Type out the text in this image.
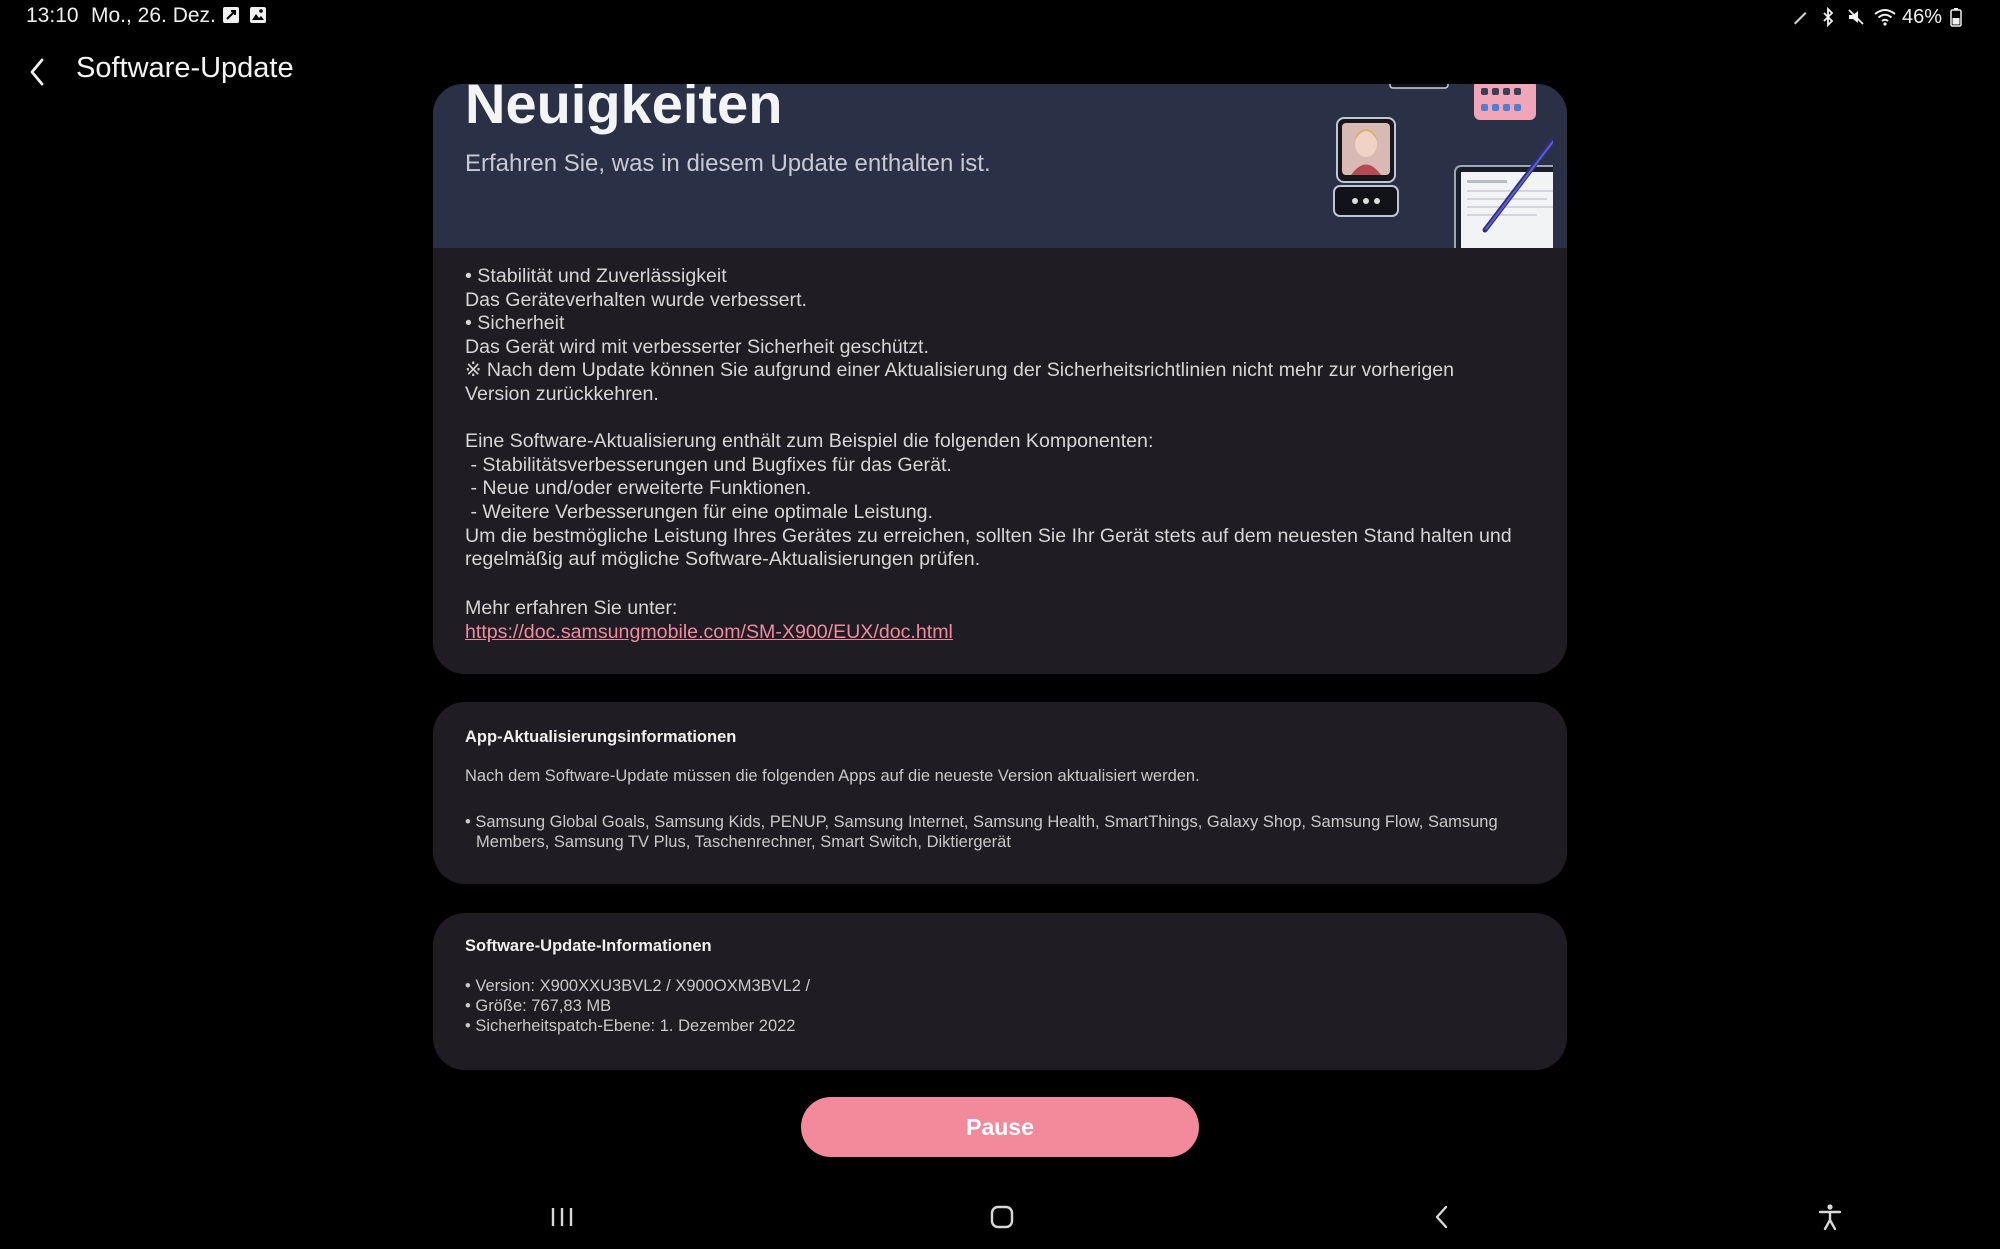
13:10 Mo., 26. Dez.	46%
Software-Update
Neuigkeiten
Erfahren Sie, was in diesem Update enthalten ist.
• Stabilität und Zuverlässigkeit
Das Geräteverhalten wurde verbessert.
• Sicherheit
Das Gerät wird mit verbesserter Sicherheit geschützt.
※ Nach dem Update können Sie aufgrund einer Aktualisierung der Sicherheitsrichtlinien nicht mehr zur vorherigen
Version zurückkehren.

Eine Software-Aktualisierung enthält zum Beispiel die folgenden Komponenten:
- Stabilitätsverbesserungen und Bugfixes für das Gerät.
- Neue und/oder erweiterte Funktionen.
- Weitere Verbesserungen für eine optimale Leistung.
Um die bestmögliche Leistung Ihres Gerätes zu erreichen, sollten Sie Ihr Gerät stets auf dem neuesten Stand halten und
regelmäßig auf mögliche Software-Aktualisierungen prüfen.
Mehr erfahren Sie unter:
https://doc.samsungmobile.com/SM-X900/EUX/doc.html
App-Aktualisierungsinformationen
Nach dem Software-Update müssen die folgenden Apps auf die neueste Version aktualisiert werden.
• Samsung Global Goals, Samsung Kids, PENUP, Samsung Internet, Samsung Health, SmartThings, Galaxy Shop, Samsung Flow, Samsung
Members, Samsung TV Plus, Taschenrechner, Smart Switch, Diktiergerät
Software-Update-Informationen
• Version: X900XXU3BVL2 / X900OXM3BVL2 /
• Größe: 767,83 MB
• Sicherheitspatch-Ebene: 1. Dezember 2022
Pause
